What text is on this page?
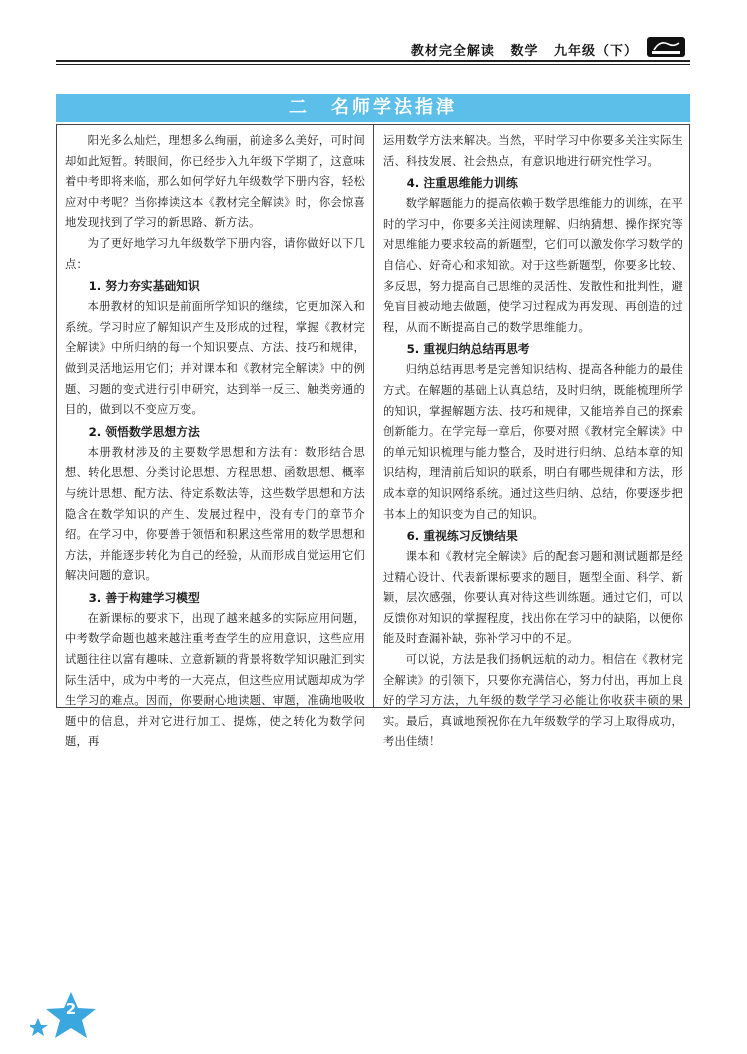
教材完全解读 数学 九年级（下）
二　名师学法指津

阳光多么灿烂，理想多么绚丽，前途多么美好，可时间却如此短暂。转眼间，你已经步入九年级下学期了，这意味着中考即将来临，那么如何学好九年级数学下册内容，轻松应对中考呢？当你捧读这本《教材完全解读》时，你会惊喜地发现找到了学习的新思路、新方法。

为了更好地学习九年级数学下册内容，请你做好以下几点：

1. 努力夯实基础知识

本册教材的知识是前面所学知识的继续，它更加深入和系统。学习时应了解知识产生及形成的过程，掌握《教材完全解读》中所归纳的每一个知识要点、方法、技巧和规律，做到灵活地运用它们；并对课本和《教材完全解读》中的例题、习题的变式进行引申研究，达到举一反三、触类旁通的目的，做到以不变应万变。

2. 领悟数学思想方法

本册教材涉及的主要数学思想和方法有：数形结合思想、转化思想、分类讨论思想、方程思想、函数思想、概率与统计思想、配方法、待定系数法等，这些数学思想和方法隐含在数学知识的产生、发展过程中，没有专门的章节介绍。在学习中，你要善于领悟和积累这些常用的数学思想和方法，并能逐步转化为自己的经验，从而形成自觉运用它们解决问题的意识。

3. 善于构建学习模型

在新课标的要求下，出现了越来越多的实际应用问题，中考数学命题也越来越注重考查学生的应用意识，这些应用试题往往以富有趣味、立意新颖的背景将数学知识融汇到实际生活中，成为中考的一大亮点，但这些应用试题却成为学生学习的难点。因而，你要耐心地读题、审题，准确地吸收题中的信息，并对它进行加工、提炼，使之转化为数学问题，再

运用数学方法来解决。当然，平时学习中你要多关注实际生活、科技发展、社会热点，有意识地进行研究性学习。

4. 注重思维能力训练

数学解题能力的提高依赖于数学思维能力的训练，在平时的学习中，你要多关注阅读理解、归纳猜想、操作探究等对思维能力要求较高的新题型，它们可以激发你学习数学的自信心、好奇心和求知欲。对于这些新题型，你要多比较、多反思，努力提高自己思维的灵活性、发散性和批判性，避免盲目被动地去做题，使学习过程成为再发现、再创造的过程，从而不断提高自己的数学思维能力。

5. 重视归纳总结再思考

归纳总结再思考是完善知识结构、提高各种能力的最佳方式。在解题的基础上认真总结，及时归纳，既能梳理所学的知识，掌握解题方法、技巧和规律，又能培养自己的探索创新能力。在学完每一章后，你要对照《教材完全解读》中的单元知识梳理与能力整合，及时进行归纳、总结本章的知识结构，理清前后知识的联系，明白有哪些规律和方法，形成本章的知识网络系统。通过这些归纳、总结，你要逐步把书本上的知识变为自己的知识。

6. 重视练习反馈结果

课本和《教材完全解读》后的配套习题和测试题都是经过精心设计、代表新课标要求的题目，题型全面、科学、新颖，层次感强，你要认真对待这些训练题。通过它们，可以反馈你对知识的掌握程度，找出你在学习中的缺陷，以便你能及时查漏补缺，弥补学习中的不足。

可以说，方法是我们扬帆远航的动力。相信在《教材完全解读》的引领下，只要你充满信心，努力付出，再加上良好的学习方法，九年级的数学学习必能让你收获丰硕的果实。最后，真诚地预祝你在九年级数学的学习上取得成功，考出佳绩！

2
